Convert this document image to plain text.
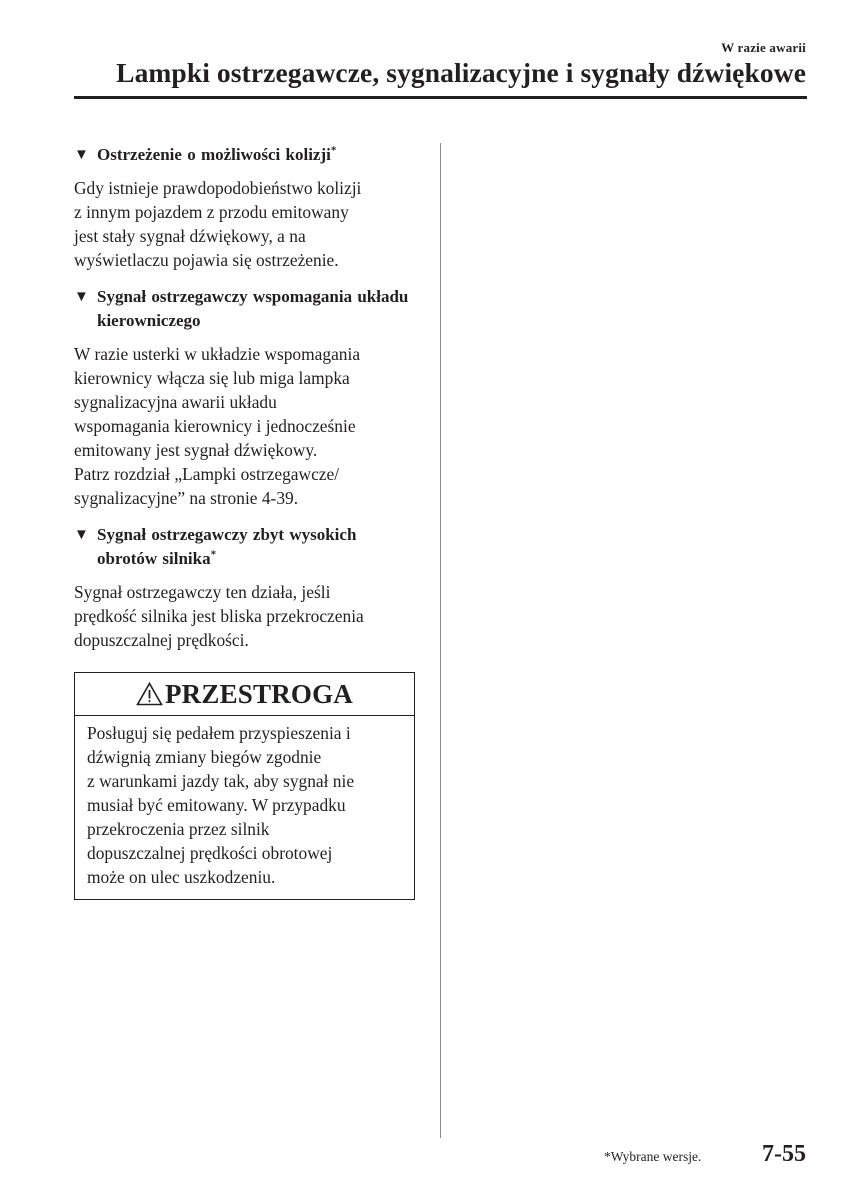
W razie awarii
Lampki ostrzegawcze, sygnalizacyjne i sygnały dźwiękowe
▼ Ostrzeżenie o możliwości kolizji*

Gdy istnieje prawdopodobieństwo kolizji
z innym pojazdem z przodu emitowany
jest stały sygnał dźwiękowy, a na
wyświetlaczu pojawia się ostrzeżenie.

▼ Sygnał ostrzegawczy wspomagania układu kierowniczego

W razie usterki w układzie wspomagania
kierownicy włącza się lub miga lampka
sygnalizacyjna awarii układu
wspomagania kierownicy i jednocześnie
emitowany jest sygnał dźwiękowy.
Patrz rozdział „Lampki ostrzegawcze/
sygnalizacyjne” na stronie 4-39.

▼ Sygnał ostrzegawczy zbyt wysokich obrotów silnika*

Sygnał ostrzegawczy ten działa, jeśli
prędkość silnika jest bliska przekroczenia
dopuszczalnej prędkości.

PRZESTROGA
Posługuj się pedałem przyspieszenia i
dźwignią zmiany biegów zgodnie
z warunkami jazdy tak, aby sygnał nie
musiał być emitowany. W przypadku
przekroczenia przez silnik
dopuszczalnej prędkości obrotowej
może on ulec uszkodzeniu.
*Wybrane wersje.	7-55
